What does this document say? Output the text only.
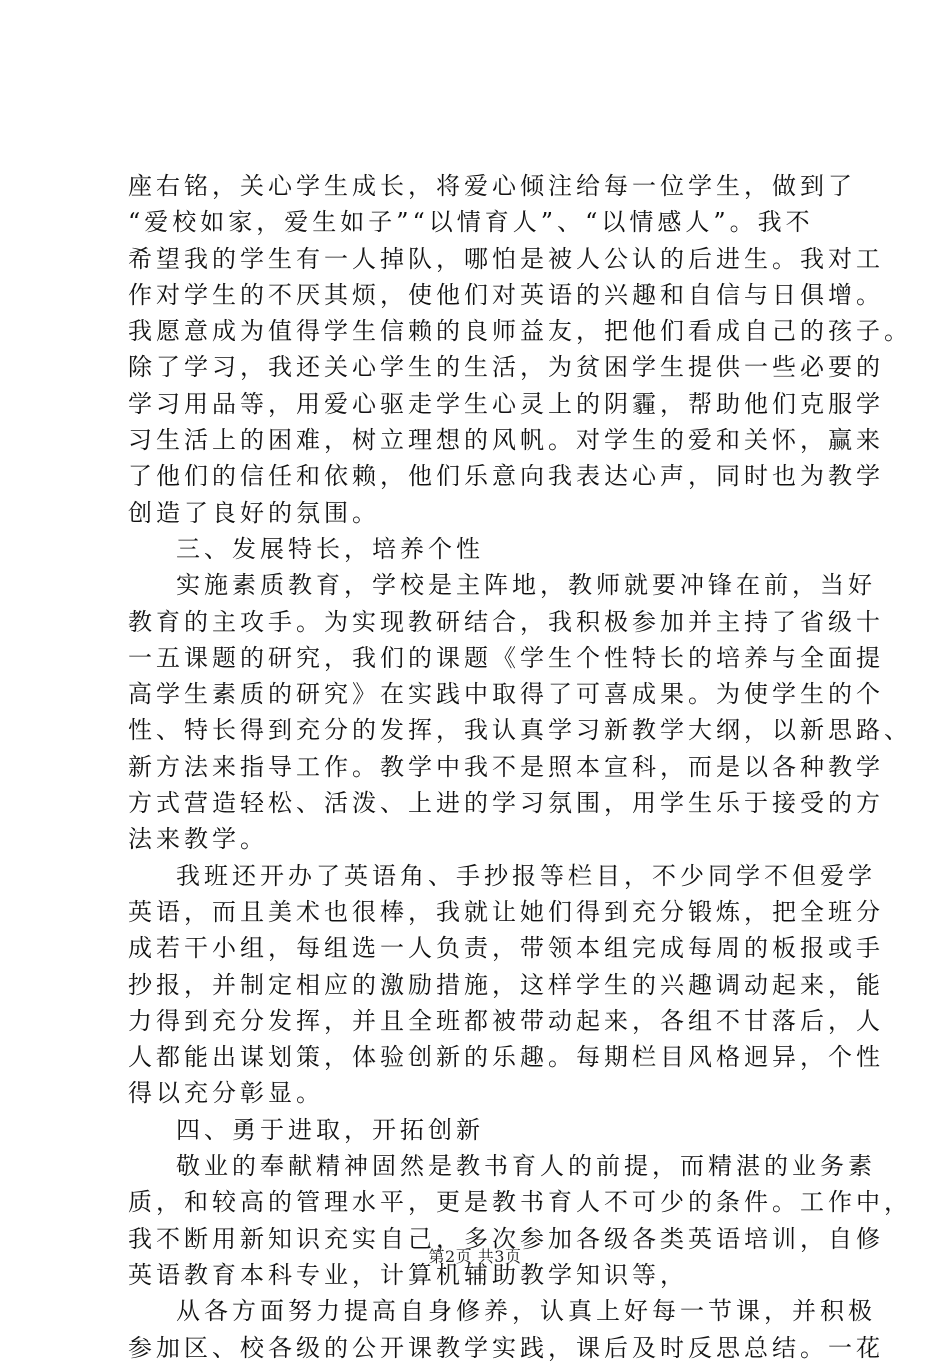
座右铭，关心学生成长，将爱心倾注给每一位学生，做到了
“爱校如家，爱生如子”“以情育人”、“以情感人”。我不
希望我的学生有一人掉队，哪怕是被人公认的后进生。我对工
作对学生的不厌其烦，使他们对英语的兴趣和自信与日俱增。
我愿意成为值得学生信赖的良师益友，把他们看成自己的孩子。
除了学习，我还关心学生的生活，为贫困学生提供一些必要的
学习用品等，用爱心驱走学生心灵上的阴霾，帮助他们克服学
习生活上的困难，树立理想的风帆。对学生的爱和关怀，赢来
了他们的信任和依赖，他们乐意向我表达心声，同时也为教学
创造了良好的氛围。
三、发展特长，培养个性
实施素质教育，学校是主阵地，教师就要冲锋在前，当好
教育的主攻手。为实现教研结合，我积极参加并主持了省级十
一五课题的研究，我们的课题《学生个性特长的培养与全面提
高学生素质的研究》在实践中取得了可喜成果。为使学生的个
性、特长得到充分的发挥，我认真学习新教学大纲，以新思路、
新方法来指导工作。教学中我不是照本宣科，而是以各种教学
方式营造轻松、活泼、上进的学习氛围，用学生乐于接受的方
法来教学。
我班还开办了英语角、手抄报等栏目，不少同学不但爱学
英语，而且美术也很棒，我就让她们得到充分锻炼，把全班分
成若干小组，每组选一人负责，带领本组完成每周的板报或手
抄报，并制定相应的激励措施，这样学生的兴趣调动起来，能
力得到充分发挥，并且全班都被带动起来，各组不甘落后，人
人都能出谋划策，体验创新的乐趣。每期栏目风格迥异，个性
得以充分彰显。
四、勇于进取，开拓创新
敬业的奉献精神固然是教书育人的前提，而精湛的业务素
质，和较高的管理水平，更是教书育人不可少的条件。工作中，
我不断用新知识充实自己，多次参加各级各类英语培训，自修
英语教育本科专业，计算机辅助教学知识等，
从各方面努力提高自身修养，认真上好每一节课，并积极
参加区、校各级的公开课教学实践，课后及时反思总结。一花
第2页 共3页
